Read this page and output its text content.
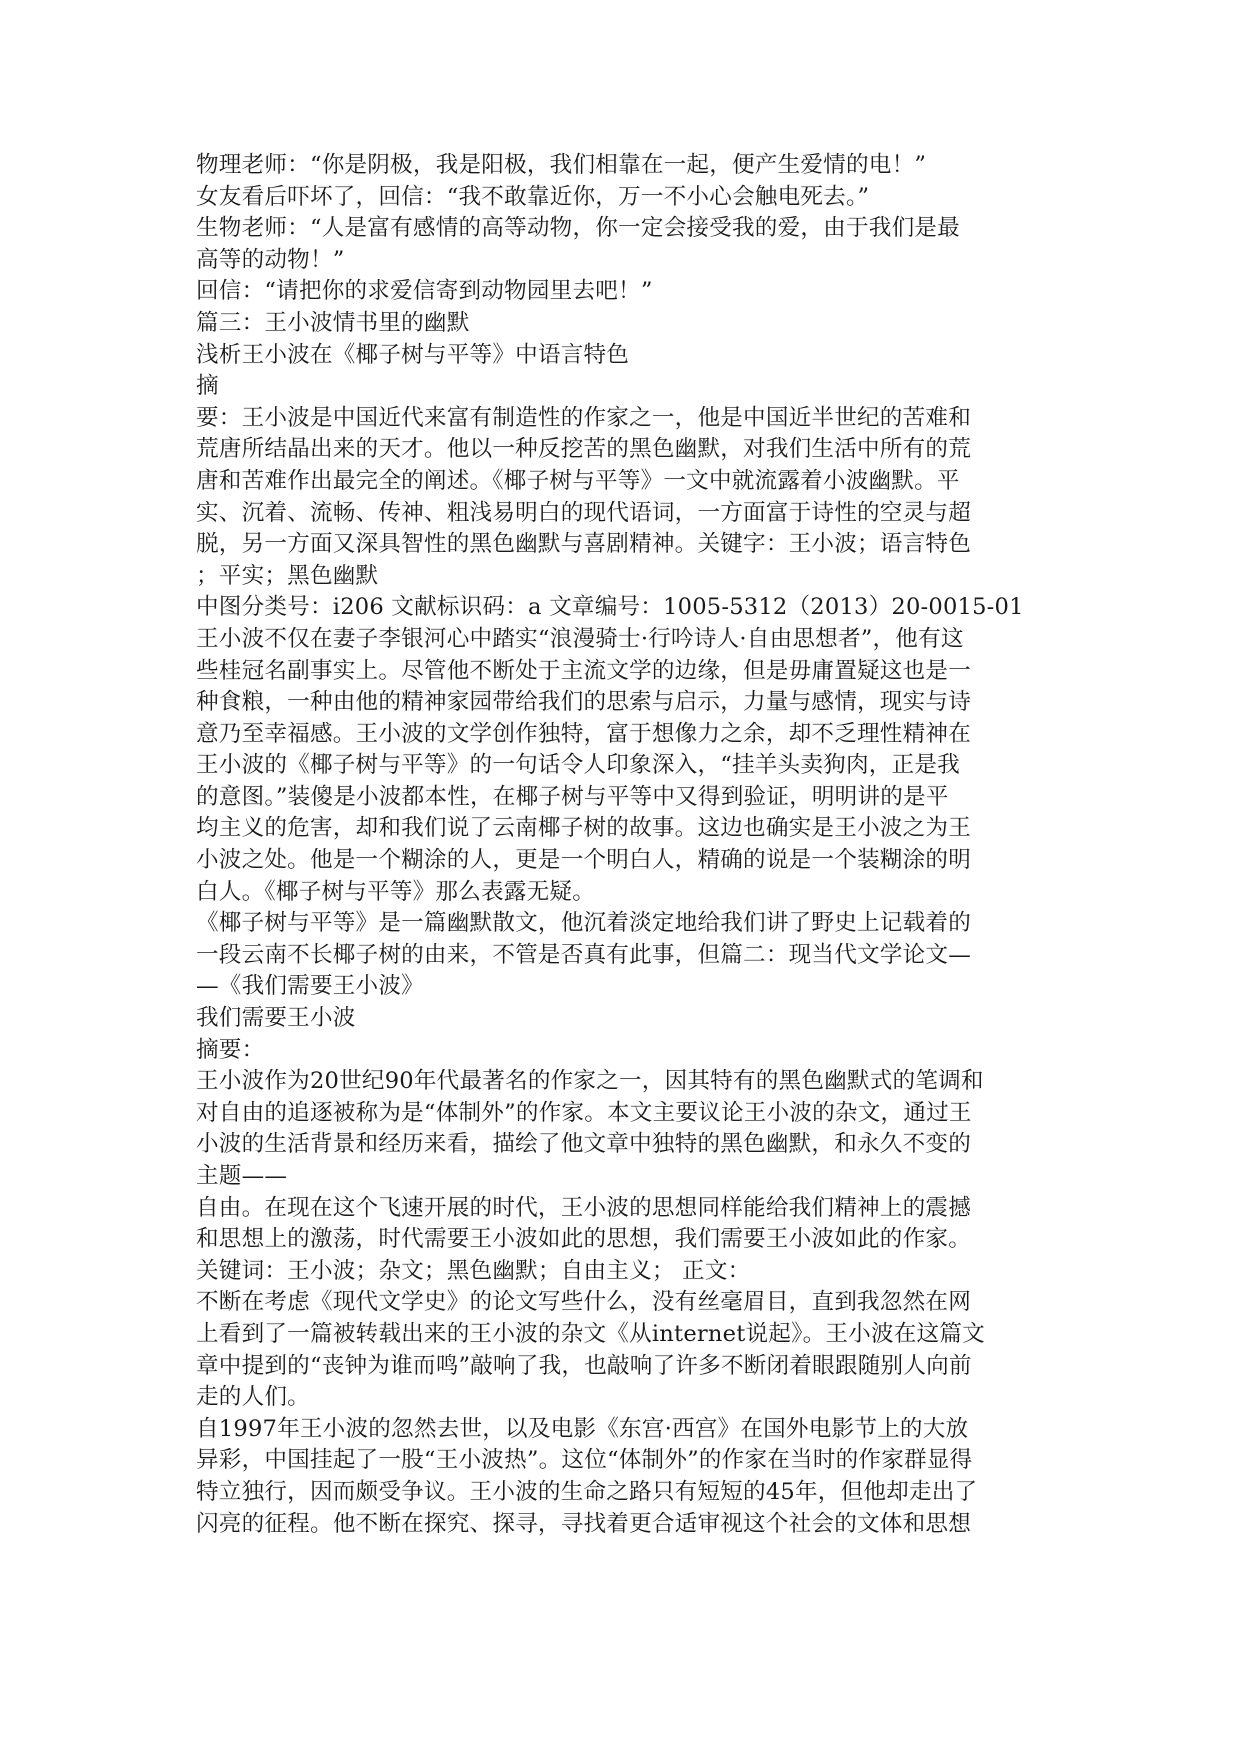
物理老师：“你是阴极，我是阳极，我们相靠在一起，便产生爱情的电！”
女友看后吓坏了，回信：“我不敢靠近你，万一不小心会触电死去。”
生物老师：“人是富有感情的高等动物，你一定会接受我的爱，由于我们是最
高等的动物！”
回信：“请把你的求爱信寄到动物园里去吧！”
篇三：王小波情书里的幽默
浅析王小波在《椰子树与平等》中语言特色
摘
要：王小波是中国近代来富有制造性的作家之一，他是中国近半世纪的苦难和
荒唐所结晶出来的天才。他以一种反挖苦的黑色幽默，对我们生活中所有的荒
唐和苦难作出最完全的阐述。《椰子树与平等》一文中就流露着小波幽默。平
实、沉着、流畅、传神、粗浅易明白的现代语词，一方面富于诗性的空灵与超
脱，另一方面又深具智性的黑色幽默与喜剧精神。关键字：王小波；语言特色
；平实；黑色幽默
中图分类号：i206 文献标识码：a 文章编号：1005-5312（2013）20-0015-01
王小波不仅在妻子李银河心中踏实“浪漫骑士·行吟诗人·自由思想者”，他有这
些桂冠名副事实上。尽管他不断处于主流文学的边缘，但是毋庸置疑这也是一
种食粮，一种由他的精神家园带给我们的思索与启示，力量与感情，现实与诗
意乃至幸福感。王小波的文学创作独特，富于想像力之余，却不乏理性精神在
王小波的《椰子树与平等》的一句话令人印象深入，“挂羊头卖狗肉，正是我
的意图。”装傻是小波都本性，在椰子树与平等中又得到验证，明明讲的是平
均主义的危害，却和我们说了云南椰子树的故事。这边也确实是王小波之为王
小波之处。他是一个糊涂的人，更是一个明白人，精确的说是一个装糊涂的明
白人。《椰子树与平等》那么表露无疑。
《椰子树与平等》是一篇幽默散文，他沉着淡定地给我们讲了野史上记载着的
一段云南不长椰子树的由来，不管是否真有此事，但篇二：现当代文学论文—
—《我们需要王小波》
我们需要王小波
摘要：
王小波作为20世纪90年代最著名的作家之一，因其特有的黑色幽默式的笔调和
对自由的追逐被称为是“体制外”的作家。本文主要议论王小波的杂文，通过王
小波的生活背景和经历来看，描绘了他文章中独特的黑色幽默，和永久不变的
主题——
自由。在现在这个飞速开展的时代，王小波的思想同样能给我们精神上的震撼
和思想上的激荡，时代需要王小波如此的思想，我们需要王小波如此的作家。
关键词：王小波；杂文；黑色幽默；自由主义； 正文：
不断在考虑《现代文学史》的论文写些什么，没有丝毫眉目，直到我忽然在网
上看到了一篇被转载出来的王小波的杂文《从internet说起》。王小波在这篇文
章中提到的“丧钟为谁而鸣”敲响了我，也敲响了许多不断闭着眼跟随别人向前
走的人们。
自1997年王小波的忽然去世，以及电影《东宫·西宫》在国外电影节上的大放
异彩，中国挂起了一股“王小波热”。这位“体制外”的作家在当时的作家群显得
特立独行，因而颇受争议。王小波的生命之路只有短短的45年，但他却走出了
闪亮的征程。他不断在探究、探寻，寻找着更合适审视这个社会的文体和思想
